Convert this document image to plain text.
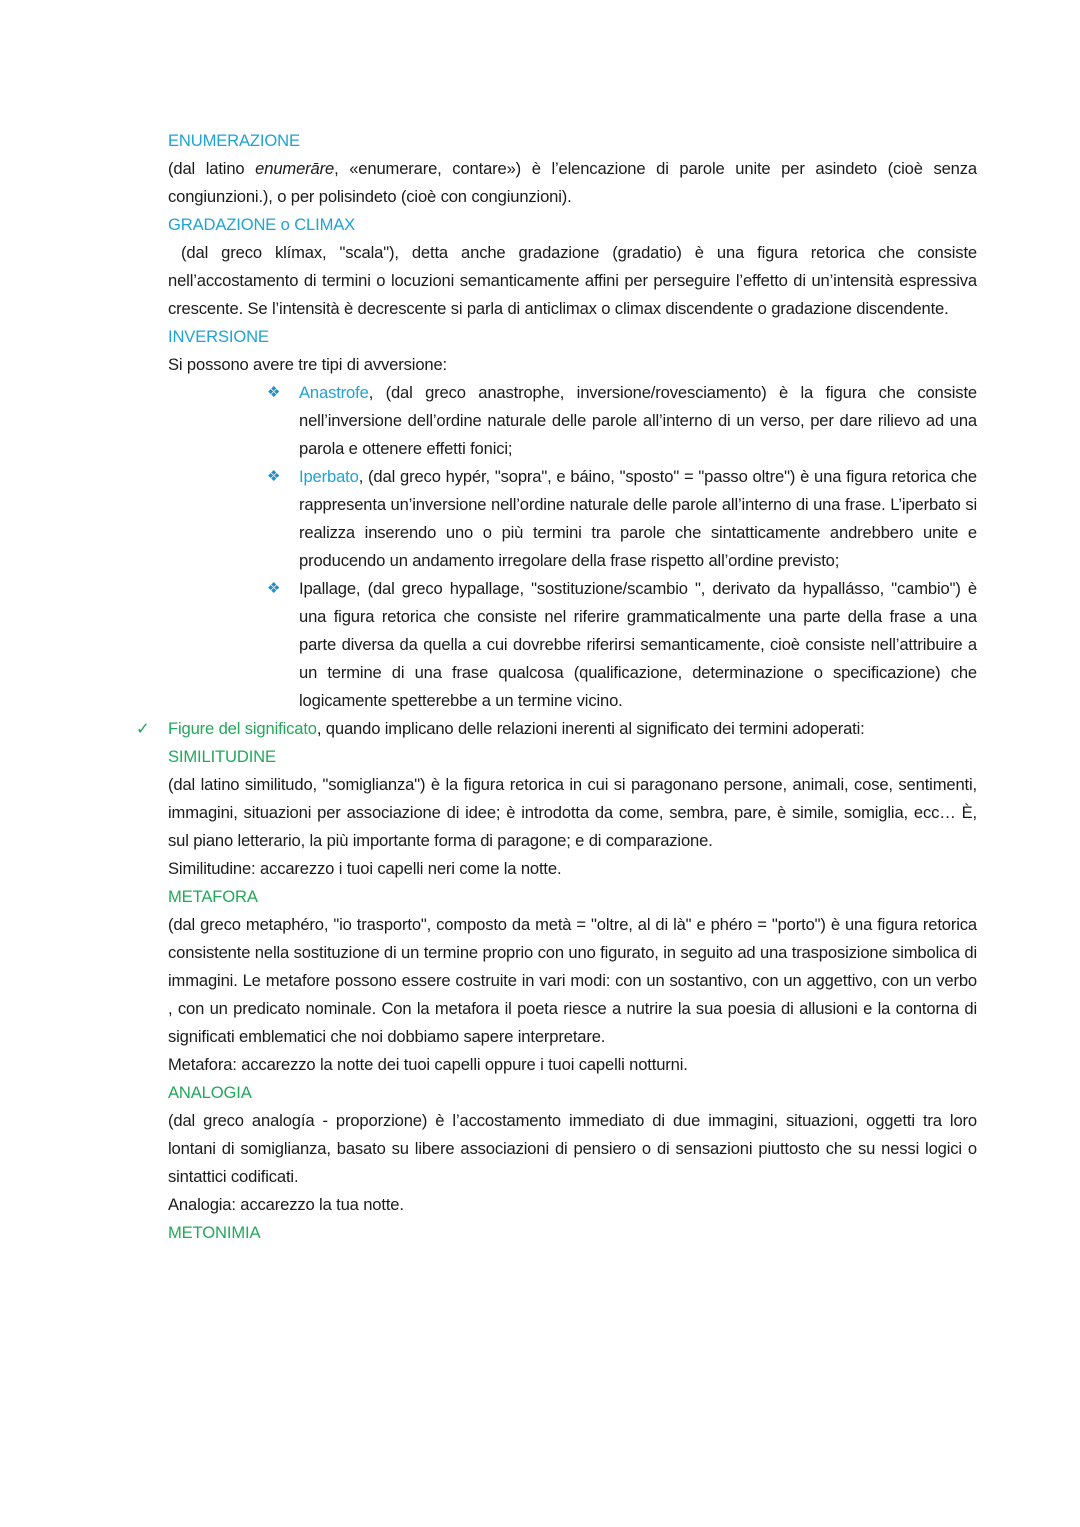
ENUMERAZIONE

(dal latino enumerāre, «enumerare, contare») è l’elencazione di parole unite per asindeto (cioè senza congiunzioni.), o per polisindeto (cioè con congiunzioni).

GRADAZIONE o CLIMAX

(dal greco klímax, "scala"), detta anche gradazione (gradatio) è una figura retorica che consiste nell’accostamento di termini o locuzioni semanticamente affini per perseguire l’effetto di un’intensità espressiva crescente. Se l’intensità è decrescente si parla di anticlimax o climax discendente o gradazione discendente.

INVERSIONE

Si possono avere tre tipi di avversione:

❖ Anastrofe, (dal greco anastrophe, inversione/rovesciamento) è la figura che consiste nell’inversione dell’ordine naturale delle parole all’interno di un verso, per dare rilievo ad una parola e ottenere effetti fonici;
❖ Iperbato, (dal greco hypér, "sopra", e báino, "sposto" = "passo oltre") è una figura retorica che rappresenta un’inversione nell’ordine naturale delle parole all’interno di una frase. L’iperbato si realizza inserendo uno o più termini tra parole che sintatticamente andrebbero unite e producendo un andamento irregolare della frase rispetto all’ordine previsto;
❖ Ipallage, (dal greco hypallage, "sostituzione/scambio ", derivato da hypallásso, "cambio") è una figura retorica che consiste nel riferire grammaticalmente una parte della frase a una parte diversa da quella a cui dovrebbe riferirsi semanticamente, cioè consiste nell’attribuire a un termine di una frase qualcosa (qualificazione, determinazione o specificazione) che logicamente spetterebbe a un termine vicino.

✓ Figure del significato, quando implicano delle relazioni inerenti al significato dei termini adoperati:

SIMILITUDINE

(dal latino similitudo, "somiglianza") è la figura retorica in cui si paragonano persone, animali, cose, sentimenti, immagini, situazioni per associazione di idee; è introdotta da come, sembra, pare, è simile, somiglia, ecc… È, sul piano letterario, la più importante forma di paragone; e di comparazione.

Similitudine: accarezzo i tuoi capelli neri come la notte.

METAFORA

(dal greco metaphéro, "io trasporto", composto da metà = "oltre, al di là" e phéro = "porto") è una figura retorica consistente nella sostituzione di un termine proprio con uno figurato, in seguito ad una trasposizione simbolica di immagini. Le metafore possono essere costruite in vari modi: con un sostantivo, con un aggettivo, con un verbo , con un predicato nominale. Con la metafora il poeta riesce a nutrire la sua poesia di allusioni e la contorna di significati emblematici che noi dobbiamo sapere interpretare.

Metafora: accarezzo la notte dei tuoi capelli oppure i tuoi capelli notturni.

ANALOGIA

(dal greco analogía - proporzione) è l’accostamento immediato di due immagini, situazioni, oggetti tra loro lontani di somiglianza, basato su libere associazioni di pensiero o di sensazioni piuttosto che su nessi logici o sintattici codificati.

Analogia: accarezzo la tua notte.

METONIMIA
